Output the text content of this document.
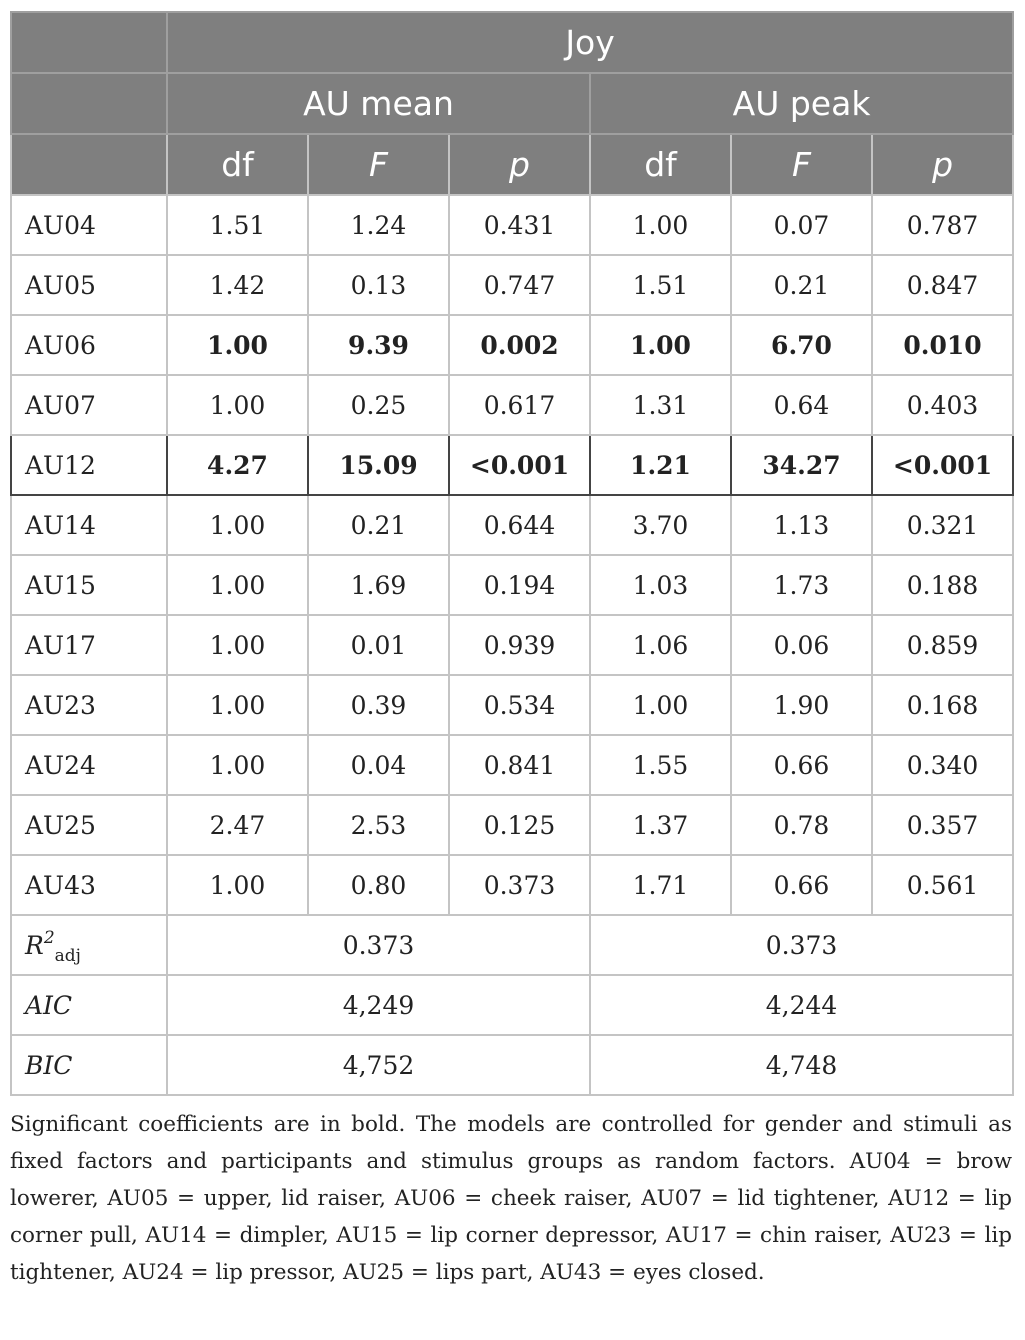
	Joy					
	AU mean			AU peak		
	df	F	p	df	F	p
AU04	1.51	1.24	0.431	1.00	0.07	0.787
AU05	1.42	0.13	0.747	1.51	0.21	0.847
AU06	1.00	9.39	0.002	1.00	6.70	0.010
AU07	1.00	0.25	0.617	1.31	0.64	0.403
AU12	4.27	15.09	<0.001	1.21	34.27	<0.001
AU14	1.00	0.21	0.644	3.70	1.13	0.321
AU15	1.00	1.69	0.194	1.03	1.73	0.188
AU17	1.00	0.01	0.939	1.06	0.06	0.859
AU23	1.00	0.39	0.534	1.00	1.90	0.168
AU24	1.00	0.04	0.841	1.55	0.66	0.340
AU25	2.47	2.53	0.125	1.37	0.78	0.357
AU43	1.00	0.80	0.373	1.71	0.66	0.561
$R^2_{adj}$	0.373			0.373		
AIC	4,249			4,244		
BIC	4,752			4,748		
Significant coefficients are in bold. The models are controlled for gender and stimuli as fixed factors and participants and stimulus groups as random factors. AU04 = brow lowerer, AU05 = upper, lid raiser, AU06 = cheek raiser, AU07 = lid tightener, AU12 = lip corner pull, AU14 = dimpler, AU15 = lip corner depressor, AU17 = chin raiser, AU23 = lip tightener, AU24 = lip pressor, AU25 = lips part, AU43 = eyes closed.
